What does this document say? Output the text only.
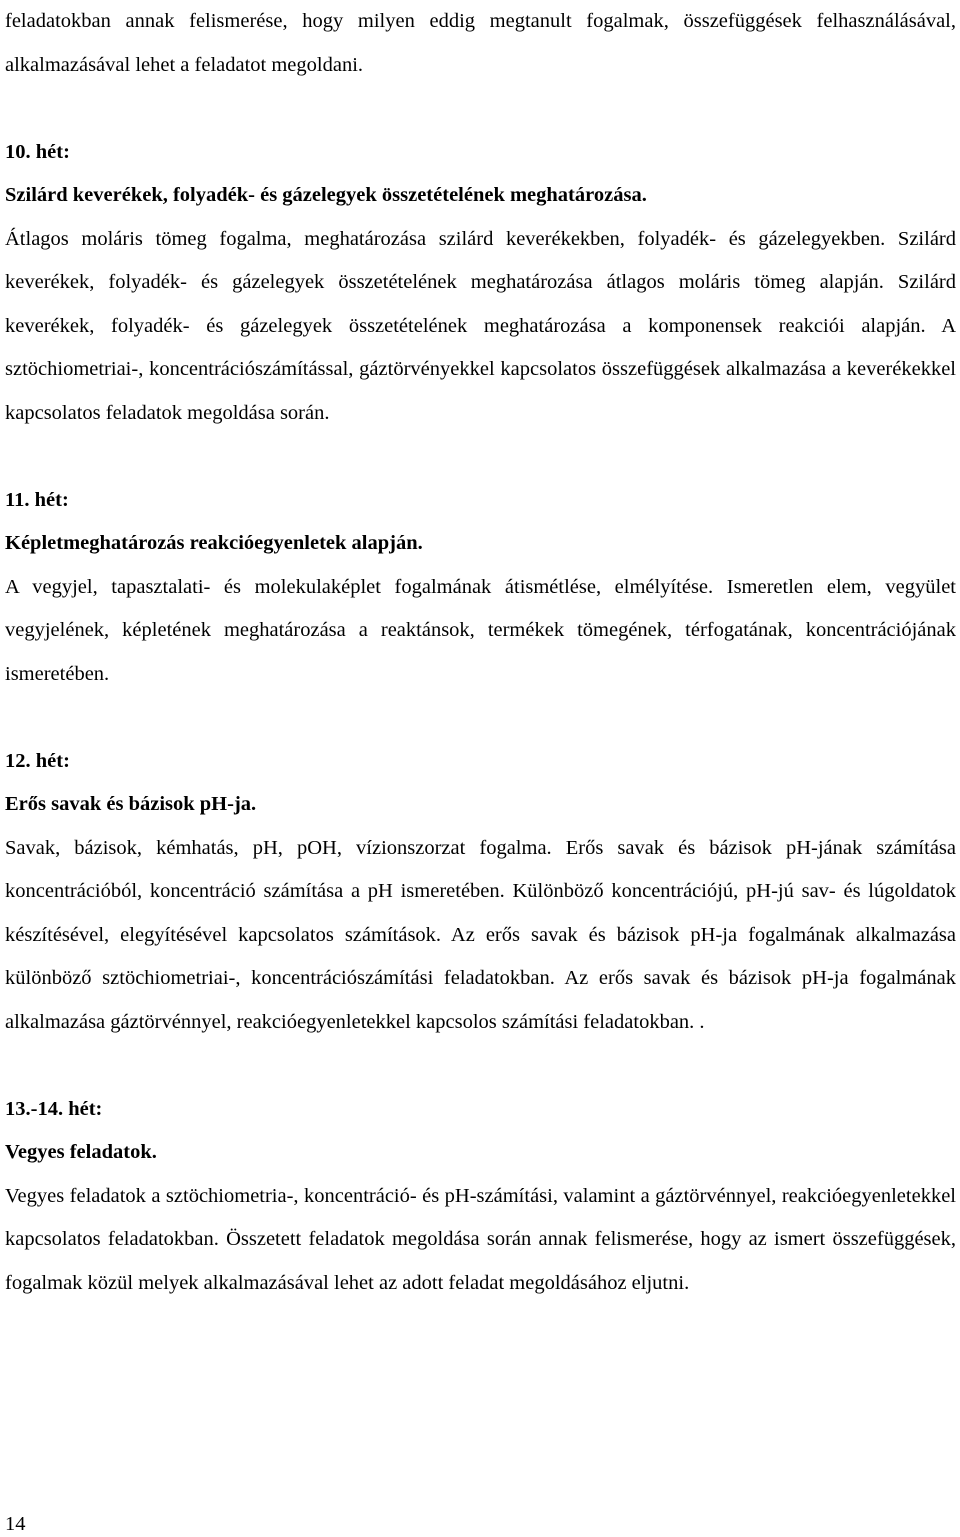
feladatokban annak felismerése, hogy milyen eddig megtanult fogalmak, összefüggések felhasználásával, alkalmazásával lehet a feladatot megoldani.

10. hét:

Szilárd keverékek, folyadék- és gázelegyek összetételének meghatározása.

Átlagos moláris tömeg fogalma, meghatározása szilárd keverékekben, folyadék- és gázelegyekben. Szilárd keverékek, folyadék- és gázelegyek összetételének meghatározása átlagos moláris tömeg alapján. Szilárd keverékek, folyadék- és gázelegyek összetételének meghatározása a komponensek reakciói alapján. A sztöchiometriai-, koncentrációszámítással, gáztörvényekkel kapcsolatos összefüggések alkalmazása a keverékekkel kapcsolatos feladatok megoldása során.

11. hét:

Képletmeghatározás reakcióegyenletek alapján.

A vegyjel, tapasztalati- és molekulaképlet fogalmának átismétlése, elmélyítése. Ismeretlen elem, vegyület vegyjelének, képletének meghatározása a reaktánsok, termékek tömegének, térfogatának, koncentrációjának ismeretében.

12. hét:

Erős savak és bázisok pH-ja.

Savak, bázisok, kémhatás, pH, pOH, vízionszorzat fogalma. Erős savak és bázisok pH-jának számítása koncentrációból, koncentráció számítása a pH ismeretében. Különböző koncentrációjú, pH-jú sav- és lúgoldatok készítésével, elegyítésével kapcsolatos számítások. Az erős savak és bázisok pH-ja fogalmának alkalmazása különböző sztöchiometriai-, koncentrációszámítási feladatokban. Az erős savak és bázisok pH-ja fogalmának alkalmazása gáztörvénnyel, reakcióegyenletekkel kapcsolos számítási feladatokban. .

13.-14. hét:

Vegyes feladatok.

Vegyes feladatok a sztöchiometria-, koncentráció- és pH-számítási, valamint a gáztörvénnyel, reakcióegyenletekkel kapcsolatos feladatokban. Összetett feladatok megoldása során annak felismerése, hogy az ismert összefüggések, fogalmak közül melyek alkalmazásával lehet az adott feladat megoldásához eljutni.

14
